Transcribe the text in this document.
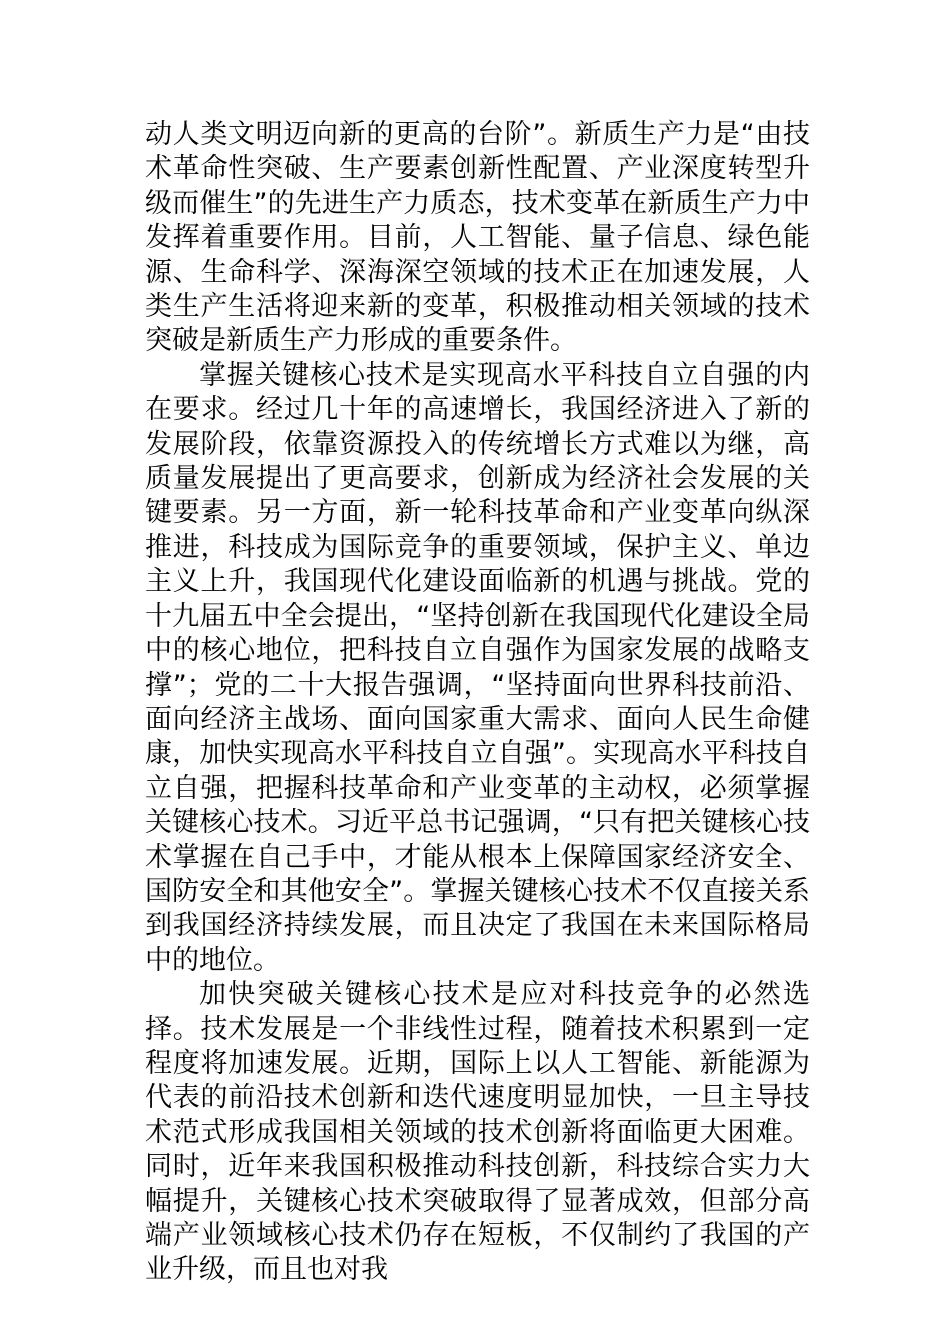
动人类文明迈向新的更高的台阶”。新质生产力是“由技术革命性突破、生产要素创新性配置、产业深度转型升级而催生”的先进生产力质态，技术变革在新质生产力中发挥着重要作用。目前，人工智能、量子信息、绿色能源、生命科学、深海深空领域的技术正在加速发展，人类生产生活将迎来新的变革，积极推动相关领域的技术突破是新质生产力形成的重要条件。

掌握关键核心技术是实现高水平科技自立自强的内在要求。经过几十年的高速增长，我国经济进入了新的发展阶段，依靠资源投入的传统增长方式难以为继，高质量发展提出了更高要求，创新成为经济社会发展的关键要素。另一方面，新一轮科技革命和产业变革向纵深推进，科技成为国际竞争的重要领域，保护主义、单边主义上升，我国现代化建设面临新的机遇与挑战。党的十九届五中全会提出，“坚持创新在我国现代化建设全局中的核心地位，把科技自立自强作为国家发展的战略支撑”；党的二十大报告强调，“坚持面向世界科技前沿、面向经济主战场、面向国家重大需求、面向人民生命健康，加快实现高水平科技自立自强”。实现高水平科技自立自强，把握科技革命和产业变革的主动权，必须掌握关键核心技术。习近平总书记强调，“只有把关键核心技术掌握在自己手中，才能从根本上保障国家经济安全、国防安全和其他安全”。掌握关键核心技术不仅直接关系到我国经济持续发展，而且决定了我国在未来国际格局中的地位。

加快突破关键核心技术是应对科技竞争的必然选择。技术发展是一个非线性过程，随着技术积累到一定程度将加速发展。近期，国际上以人工智能、新能源为代表的前沿技术创新和迭代速度明显加快，一旦主导技术范式形成我国相关领域的技术创新将面临更大困难。同时，近年来我国积极推动科技创新，科技综合实力大幅提升，关键核心技术突破取得了显著成效，但部分高端产业领域核心技术仍存在短板，不仅制约了我国的产业升级，而且也对我
